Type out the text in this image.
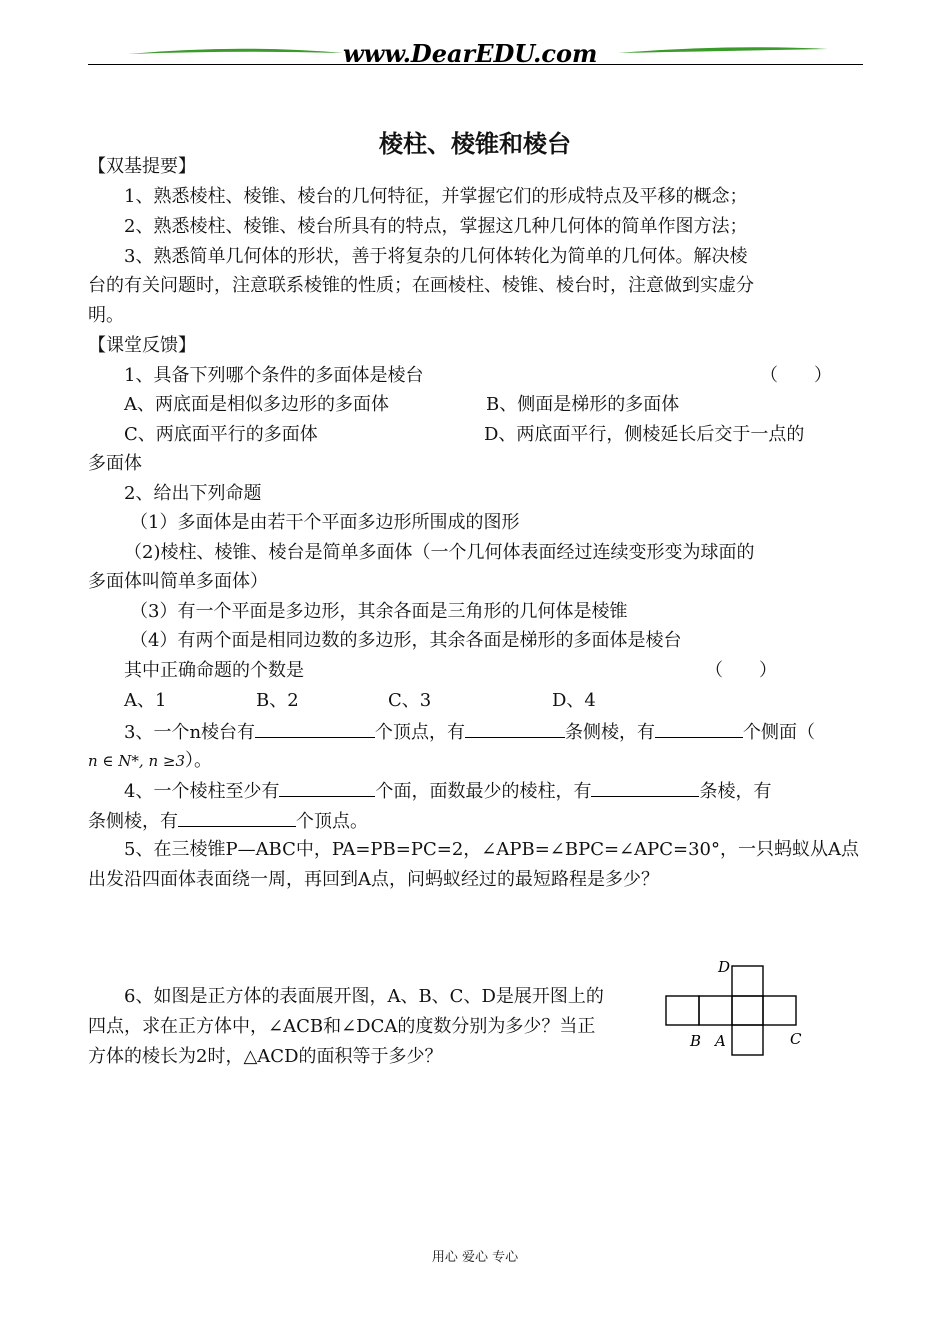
www.DearEDU.com
棱柱、棱锥和棱台
【双基提要】
1、熟悉棱柱、棱锥、棱台的几何特征，并掌握它们的形成特点及平移的概念；
2、熟悉棱柱、棱锥、棱台所具有的特点，掌握这几种几何体的简单作图方法；
3、熟悉简单几何体的形状，善于将复杂的几何体转化为简单的几何体。解决棱
台的有关问题时，注意联系棱锥的性质；在画棱柱、棱锥、棱台时，注意做到实虚分
明。
【课堂反馈】
1、具备下列哪个条件的多面体是棱台	（　　）
A、两底面是相似多边形的多面体	B、侧面是梯形的多面体
C、两底面平行的多面体	D、两底面平行，侧棱延长后交于一点的
多面体
2、给出下列命题
（1）多面体是由若干个平面多边形所围成的图形
（2)棱柱、棱锥、棱台是简单多面体（一个几何体表面经过连续变形变为球面的
多面体叫简单多面体）
（3）有一个平面是多边形，其余各面是三角形的几何体是棱锥
（4）有两个面是相同边数的多边形，其余各面是梯形的多面体是棱台
其中正确命题的个数是	（　　）
A、1	B、2	C、3	D、4
3、一个n棱台有	个顶点，有	条侧棱，有	个侧面（
n ∈ N*, n ≥3）。
4、一个棱柱至少有	个面，面数最少的棱柱，有	条棱，有
条侧棱，有	个顶点。
5、在三棱锥P—ABC中，PA=PB=PC=2，∠APB=∠BPC=∠APC=30°，一只蚂蚁从A点
出发沿四面体表面绕一周，再回到A点，问蚂蚁经过的最短路程是多少？
6、如图是正方体的表面展开图，A、B、C、D是展开图上的
四点，求在正方体中，∠ACB和∠DCA的度数分别为多少？当正
方体的棱长为2时，△ACD的面积等于多少？
D
B A	C
用心 爱心 专心
